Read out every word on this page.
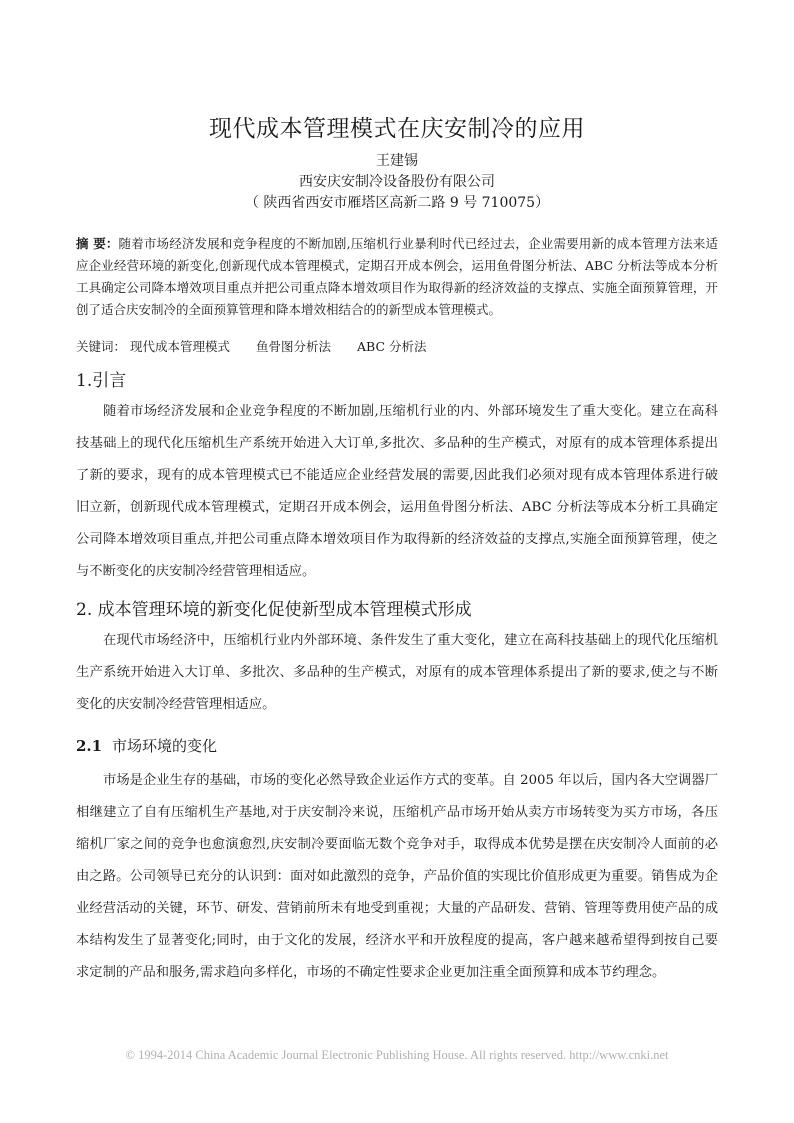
现代成本管理模式在庆安制冷的应用
王建锡
西安庆安制冷设备股份有限公司
（ 陕西省西安市雁塔区高新二路 9 号 710075）
摘 要：随着市场经济发展和竞争程度的不断加剧,压缩机行业暴利时代已经过去，企业需要用新的成本管理方法来适应企业经营环境的新变化,创新现代成本管理模式，定期召开成本例会，运用鱼骨图分析法、ABC 分析法等成本分析工具确定公司降本增效项目重点并把公司重点降本增效项目作为取得新的经济效益的支撑点、实施全面预算管理，开创了适合庆安制冷的全面预算管理和降本增效相结合的的新型成本管理模式。
关键词： 现代成本管理模式 鱼骨图分析法 ABC 分析法
1.引言
随着市场经济发展和企业竞争程度的不断加剧,压缩机行业的内、外部环境发生了重大变化。建立在高科技基础上的现代化压缩机生产系统开始进入大订单,多批次、多品种的生产模式，对原有的成本管理体系提出了新的要求，现有的成本管理模式已不能适应企业经营发展的需要,因此我们必须对现有成本管理体系进行破旧立新，创新现代成本管理模式，定期召开成本例会，运用鱼骨图分析法、ABC 分析法等成本分析工具确定公司降本增效项目重点,并把公司重点降本增效项目作为取得新的经济效益的支撑点,实施全面预算管理，使之与不断变化的庆安制冷经营管理相适应。
2. 成本管理环境的新变化促使新型成本管理模式形成
在现代市场经济中，压缩机行业内外部环境、条件发生了重大变化，建立在高科技基础上的现代化压缩机生产系统开始进入大订单、多批次、多品种的生产模式，对原有的成本管理体系提出了新的要求,使之与不断变化的庆安制冷经营管理相适应。
2.1 市场环境的变化
市场是企业生存的基础，市场的变化必然导致企业运作方式的变革。自 2005 年以后，国内各大空调器厂相继建立了自有压缩机生产基地,对于庆安制冷来说，压缩机产品市场开始从卖方市场转变为买方市场，各压缩机厂家之间的竞争也愈演愈烈,庆安制冷要面临无数个竞争对手，取得成本优势是摆在庆安制冷人面前的必由之路。公司领导已充分的认识到：面对如此激烈的竞争，产品价值的实现比价值形成更为重要。销售成为企业经营活动的关键，环节、研发、营销前所未有地受到重视；大量的产品研发、营销、管理等费用使产品的成本结构发生了显著变化;同时，由于文化的发展，经济水平和开放程度的提高，客户越来越希望得到按自己要求定制的产品和服务,需求趋向多样化，市场的不确定性要求企业更加注重全面预算和成本节约理念。
© 1994-2014 China Academic Journal Electronic Publishing House. All rights reserved. http://www.cnki.net
